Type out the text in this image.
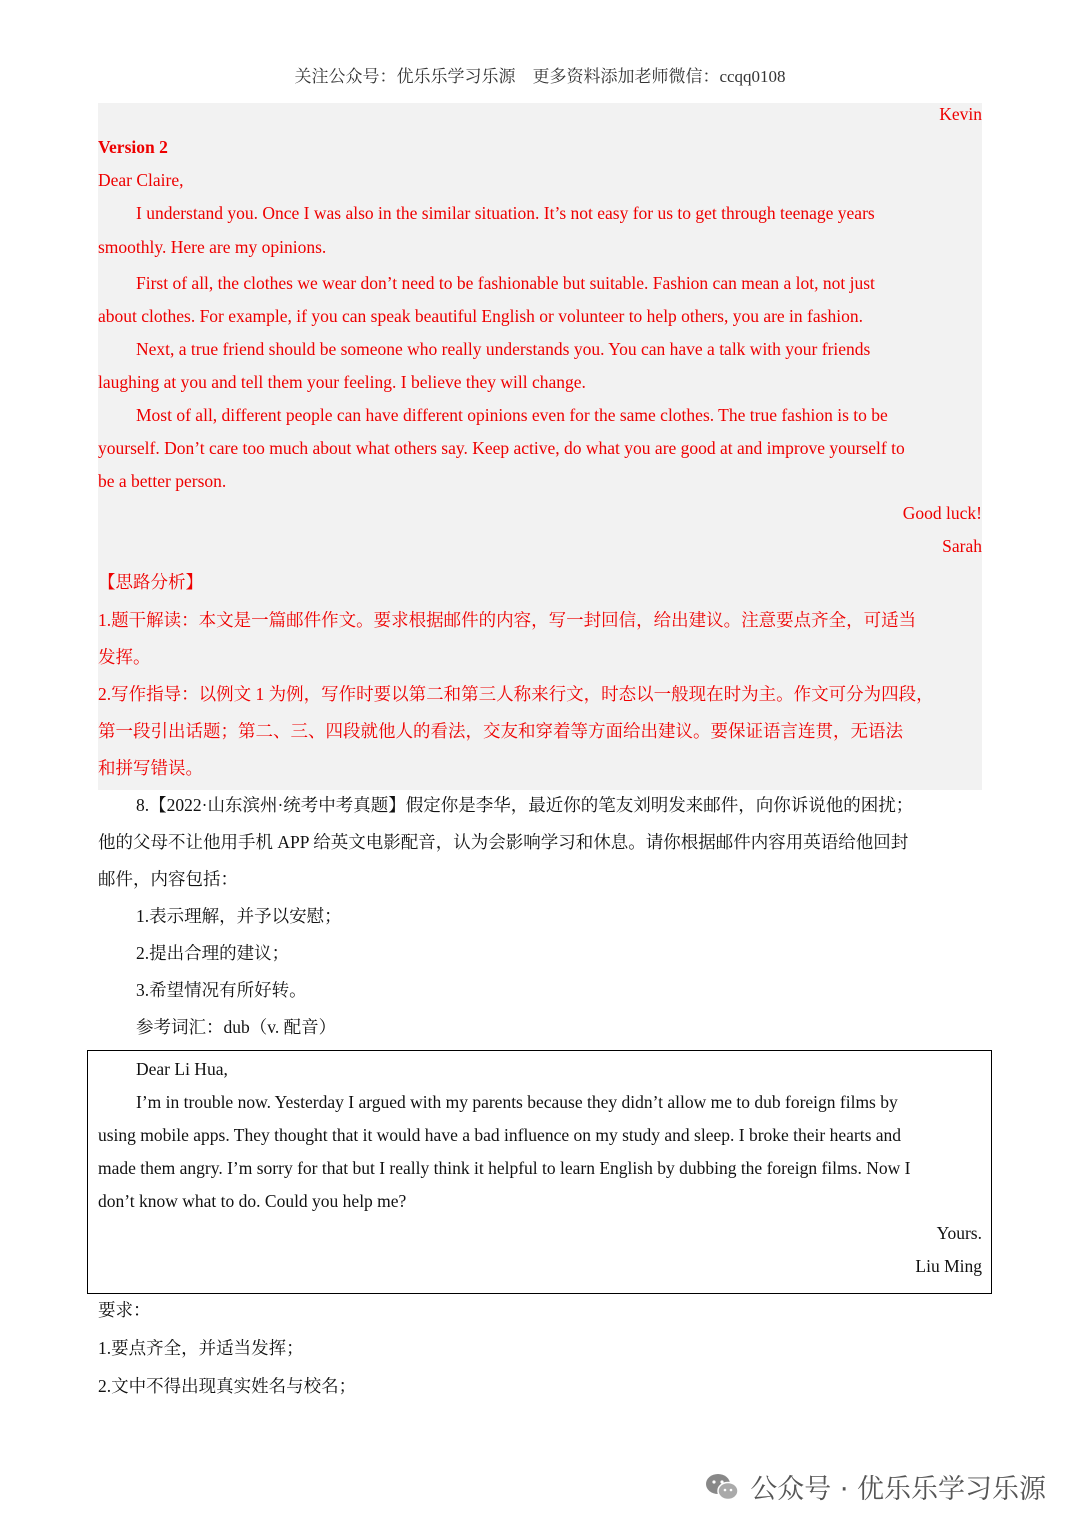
关注公众号：优乐乐学习乐源　更多资料添加老师微信：ccqq0108
Kevin
Version 2
Dear Claire,
I understand you. Once I was also in the similar situation. It’s not easy for us to get through teenage years
smoothly. Here are my opinions.
First of all, the clothes we wear don’t need to be fashionable but suitable. Fashion can mean a lot, not just
about clothes. For example, if you can speak beautiful English or volunteer to help others, you are in fashion.
Next, a true friend should be someone who really understands you. You can have a talk with your friends
laughing at you and tell them your feeling. I believe they will change.
Most of all, different people can have different opinions even for the same clothes. The true fashion is to be
yourself. Don’t care too much about what others say. Keep active, do what you are good at and improve yourself to
be a better person.
Good luck!
Sarah
【思路分析】
1.题干解读：本文是一篇邮件作文。要求根据邮件的内容，写一封回信，给出建议。注意要点齐全，可适当
发挥。
2.写作指导：以例文 1 为例，写作时要以第二和第三人称来行文，时态以一般现在时为主。作文可分为四段，
第一段引出话题；第二、三、四段就他人的看法，交友和穿着等方面给出建议。要保证语言连贯，无语法
和拼写错误。
8.【2022·山东滨州·统考中考真题】假定你是李华，最近你的笔友刘明发来邮件，向你诉说他的困扰；
他的父母不让他用手机 APP 给英文电影配音，认为会影响学习和休息。请你根据邮件内容用英语给他回封
邮件，内容包括：
1.表示理解，并予以安慰；
2.提出合理的建议；
3.希望情况有所好转。
参考词汇：dub（v. 配音）
Dear Li Hua,
I’m in trouble now. Yesterday I argued with my parents because they didn’t allow me to dub foreign films by
using mobile apps. They thought that it would have a bad influence on my study and sleep. I broke their hearts and
made them angry. I’m sorry for that but I really think it helpful to learn English by dubbing the foreign films. Now I
don’t know what to do. Could you help me?
Yours.
Liu Ming
要求：
1.要点齐全，并适当发挥；
2.文中不得出现真实姓名与校名；
公众号 · 优乐乐学习乐源
